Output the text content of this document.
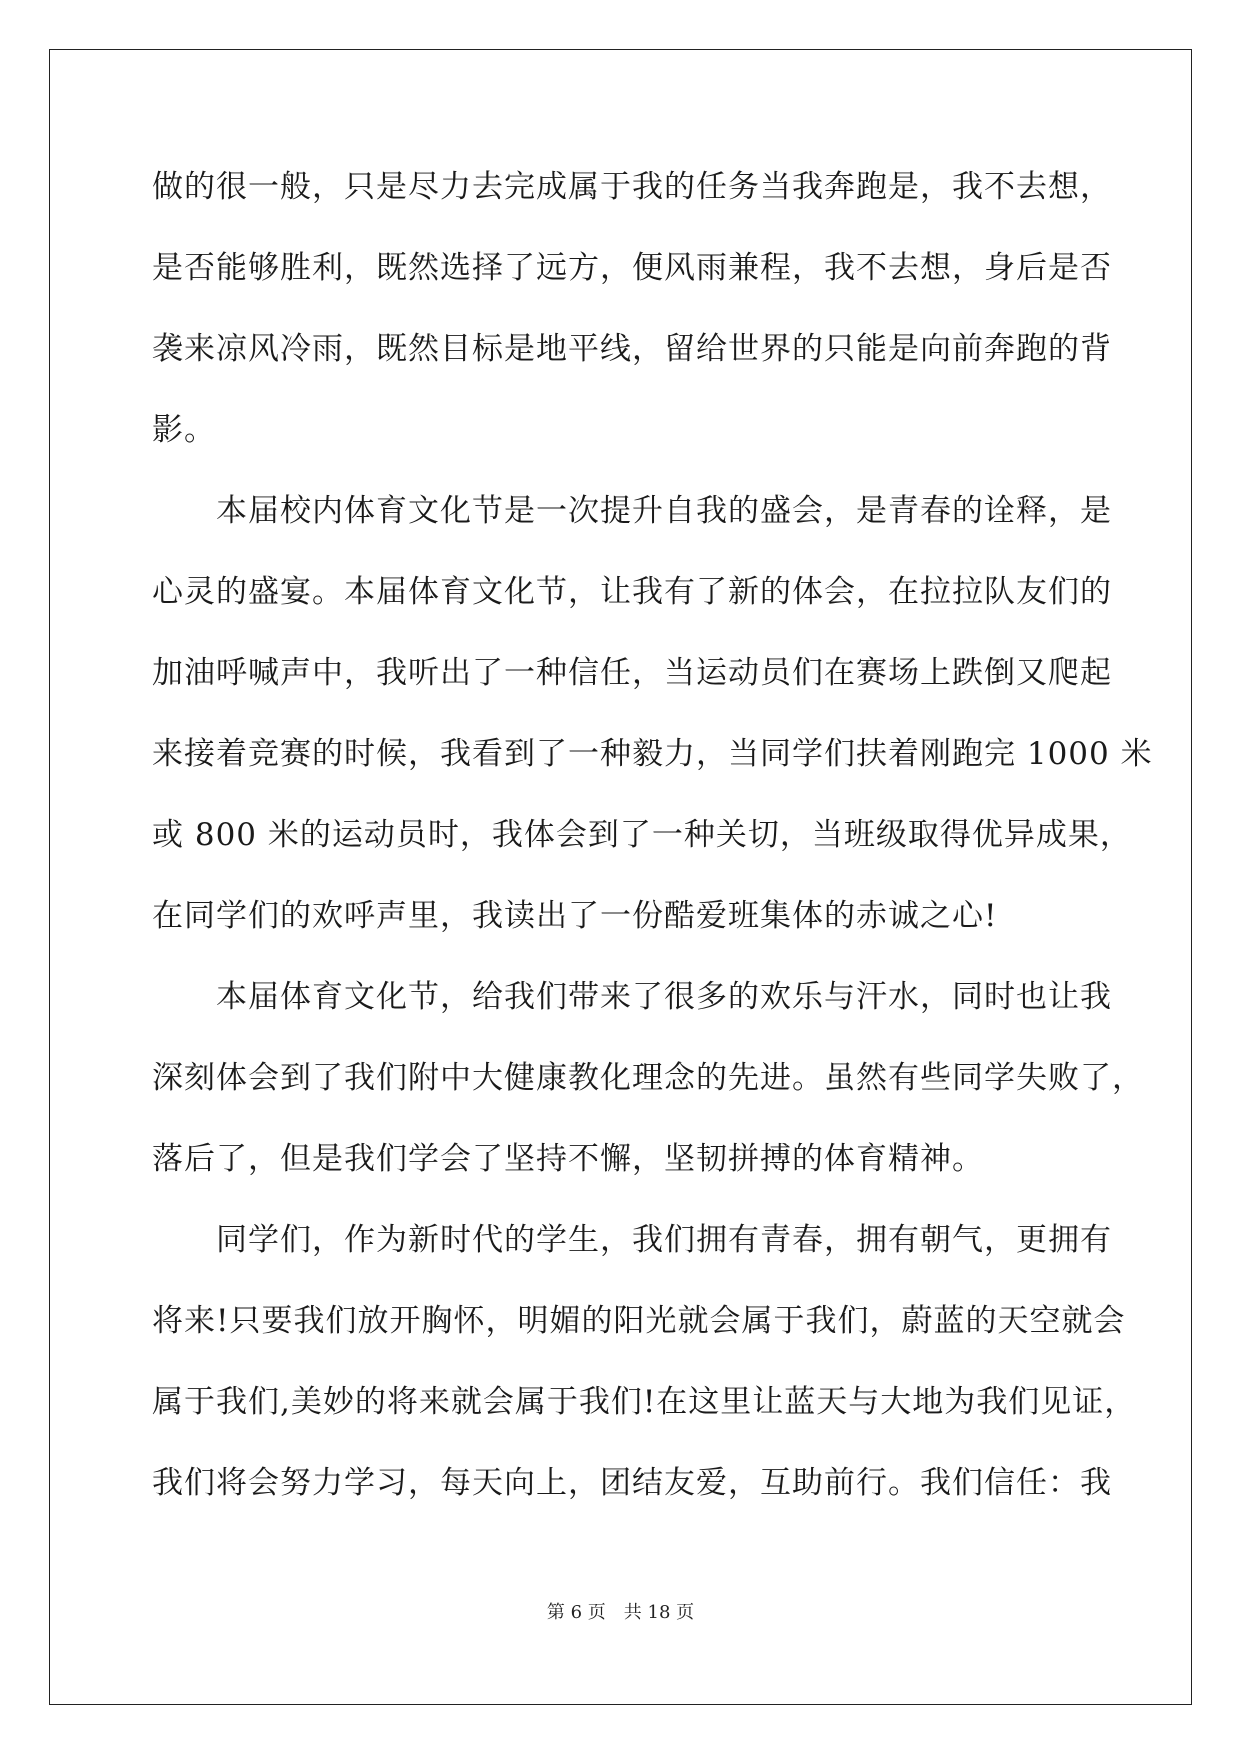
做的很一般，只是尽力去完成属于我的任务当我奔跑是，我不去想，
是否能够胜利，既然选择了远方，便风雨兼程，我不去想，身后是否
袭来凉风冷雨，既然目标是地平线，留给世界的只能是向前奔跑的背
影。
本届校内体育文化节是一次提升自我的盛会，是青春的诠释，是
心灵的盛宴。本届体育文化节，让我有了新的体会，在拉拉队友们的
加油呼喊声中，我听出了一种信任，当运动员们在赛场上跌倒又爬起
来接着竞赛的时候，我看到了一种毅力，当同学们扶着刚跑完 1000 米
或 800 米的运动员时，我体会到了一种关切，当班级取得优异成果，
在同学们的欢呼声里，我读出了一份酷爱班集体的赤诚之心!
本届体育文化节，给我们带来了很多的欢乐与汗水，同时也让我
深刻体会到了我们附中大健康教化理念的先进。虽然有些同学失败了，
落后了，但是我们学会了坚持不懈，坚韧拼搏的体育精神。
同学们，作为新时代的学生，我们拥有青春，拥有朝气，更拥有
将来!只要我们放开胸怀，明媚的阳光就会属于我们，蔚蓝的天空就会
属于我们,美妙的将来就会属于我们!在这里让蓝天与大地为我们见证，
我们将会努力学习，每天向上，团结友爱，互助前行。我们信任：我
第 6 页　共 18 页
